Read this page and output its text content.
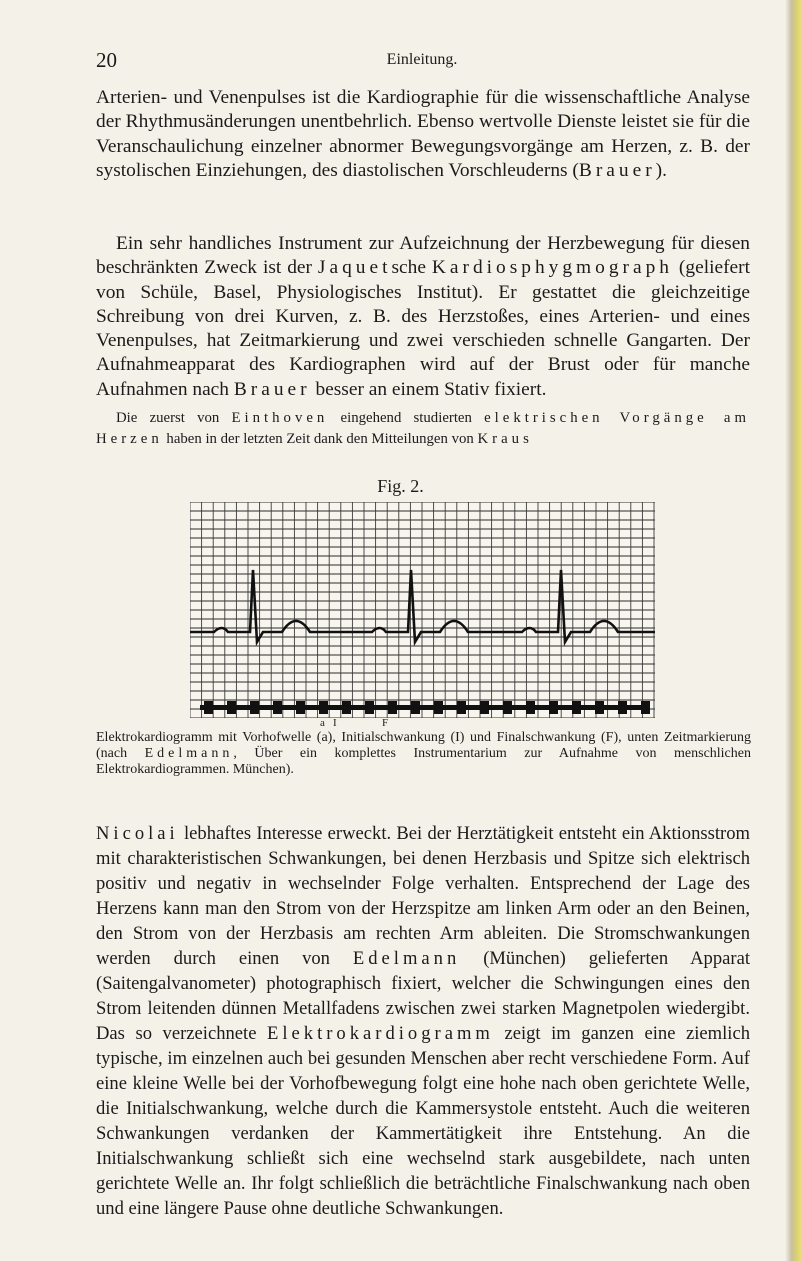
20	Einleitung.

Arterien- und Venenpulses ist die Kardiographie für die wissenschaftliche Analyse der Rhythmusänderungen unentbehrlich. Ebenso wertvolle Dienste leistet sie für die Veranschaulichung einzelner abnormer Bewegungsvorgänge am Herzen, z. B. der systolischen Einziehungen, des diastolischen Vorschleuderns (Brauer).

Ein sehr handliches Instrument zur Aufzeichnung der Herzbewegung für diesen beschränkten Zweck ist der Jaquetsche Kardiosphygmograph (geliefert von Schüle, Basel, Physiologisches Institut). Er gestattet die gleichzeitige Schreibung von drei Kurven, z. B. des Herzstoßes, eines Arterien- und eines Venenpulses, hat Zeitmarkierung und zwei verschieden schnelle Gangarten. Der Aufnahmeapparat des Kardiographen wird auf der Brust oder für manche Aufnahmen nach Brauer besser an einem Stativ fixiert.

Die zuerst von Einthoven eingehend studierten elektrischen Vorgänge am Herzen haben in der letzten Zeit dank den Mitteilungen von Kraus

Fig. 2.
a I	F

Elektrokardiogramm mit Vorhofwelle (a), Initialschwankung (I) und Finalschwankung (F), unten Zeitmarkierung (nach Edelmann, Über ein komplettes Instrumentarium zur Aufnahme von menschlichen Elektrokardiogrammen. München).

Nicolai lebhaftes Interesse erweckt. Bei der Herztätigkeit entsteht ein Aktionsstrom mit charakteristischen Schwankungen, bei denen Herzbasis und Spitze sich elektrisch positiv und negativ in wechselnder Folge verhalten. Entsprechend der Lage des Herzens kann man den Strom von der Herzspitze am linken Arm oder an den Beinen, den Strom von der Herzbasis am rechten Arm ableiten. Die Stromschwankungen werden durch einen von Edelmann (München) gelieferten Apparat (Saitengalvanometer) photographisch fixiert, welcher die Schwingungen eines den Strom leitenden dünnen Metallfadens zwischen zwei starken Magnetpolen wiedergibt. Das so verzeichnete Elektrokardiogramm zeigt im ganzen eine ziemlich typische, im einzelnen auch bei gesunden Menschen aber recht verschiedene Form. Auf eine kleine Welle bei der Vorhofbewegung folgt eine hohe nach oben gerichtete Welle, die Initialschwankung, welche durch die Kammersystole entsteht. Auch die weiteren Schwankungen verdanken der Kammertätigkeit ihre Entstehung. An die Initialschwankung schließt sich eine wechselnd stark ausgebildete, nach unten gerichtete Welle an. Ihr folgt schließlich die beträchtliche Finalschwankung nach oben und eine längere Pause ohne deutliche Schwankungen.
